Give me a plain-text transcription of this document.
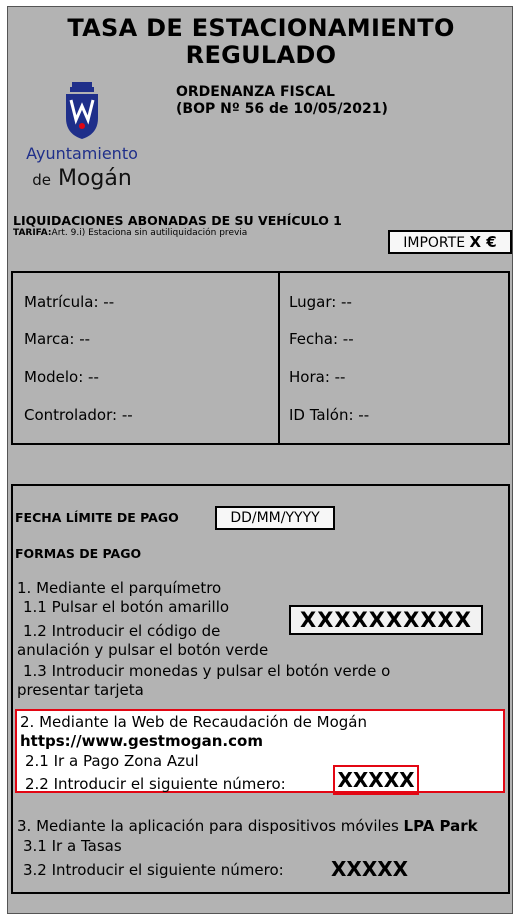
TASA DE ESTACIONAMIENTO
REGULADO
ORDENANZA FISCAL
(BOP Nº 56 de 10/05/2021)
Ayuntamiento
de Mogán
LIQUIDACIONES ABONADAS DE SU VEHÍCULO 1
TARIFA:Art. 9.i) Estaciona sin autiliquidación previa
IMPORTE X €
Matrícula: --
Marca: --
Modelo: --
Controlador: --
Lugar: --
Fecha: --
Hora: --
ID Talón: --
FECHA LÍMITE DE PAGO	DD/MM/YYYY
FORMAS DE PAGO
1. Mediante el parquímetro
1.1 Pulsar el botón amarillo
1.2 Introducir el código de
anulación y pulsar el botón verde
XXXXXXXXXX
1.3 Introducir monedas y pulsar el botón verde o
presentar tarjeta
2. Mediante la Web de Recaudación de Mogán
https://www.gestmogan.com
2.1 Ir a Pago Zona Azul
2.2 Introducir el siguiente número:	XXXXX
3. Mediante la aplicación para dispositivos móviles LPA Park
3.1 Ir a Tasas
3.2 Introducir el siguiente número: XXXXX
